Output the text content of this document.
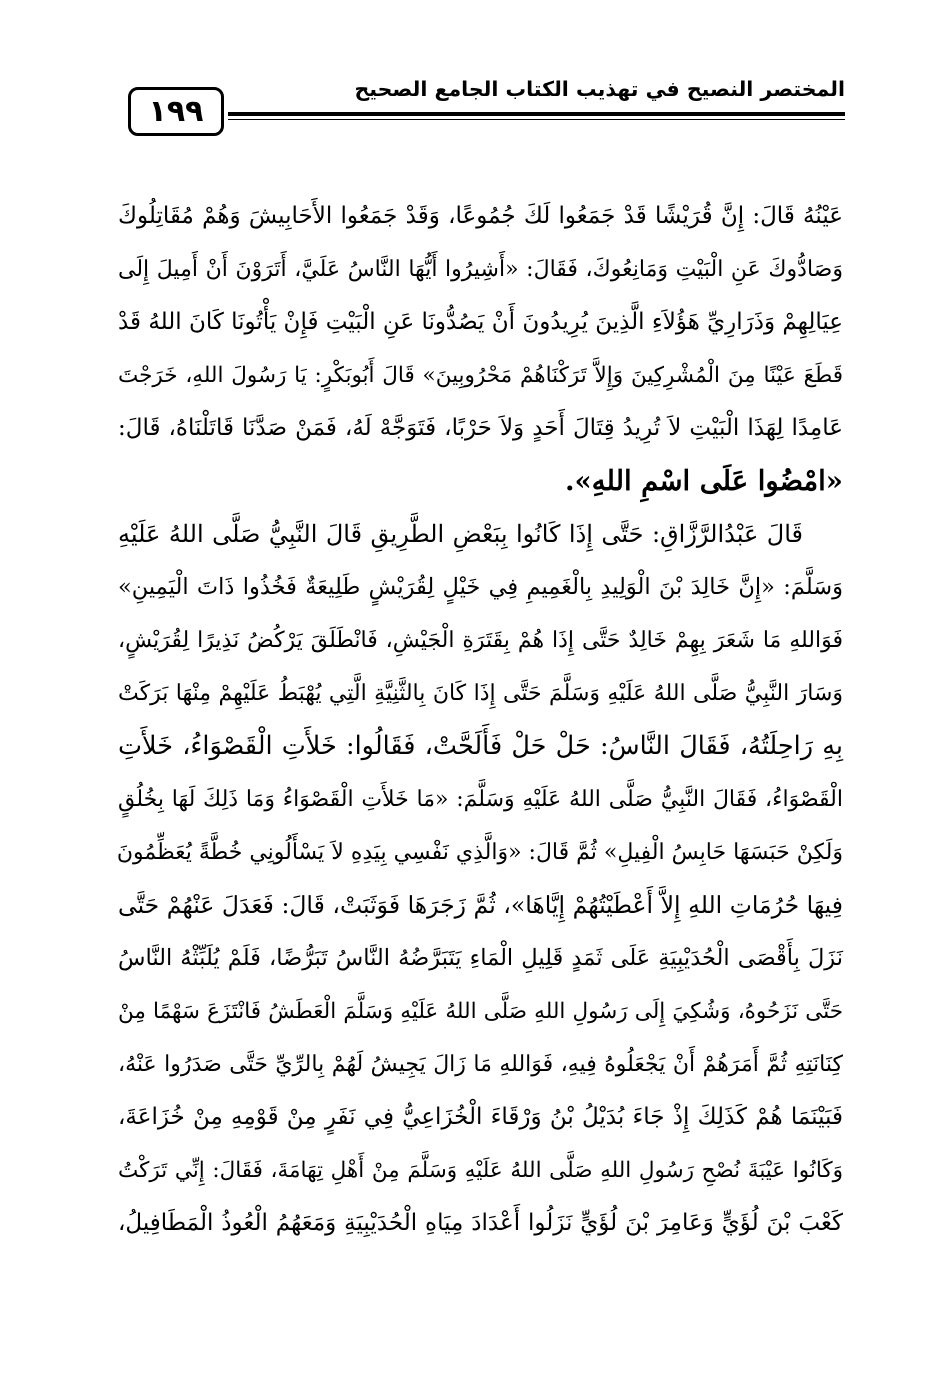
المختصر النصيح في تهذيب الكتاب الجامع الصحيح
١٩٩
عَيْنُهُ قَالَ: إِنَّ قُرَيْشًا قَدْ جَمَعُوا لَكَ جُمُوعًا، وَقَدْ جَمَعُوا الأَحَابِيشَ وَهُمْ مُقَاتِلُوكَ
وَصَادُّوكَ عَنِ الْبَيْتِ وَمَانِعُوكَ، فَقَالَ: «أَشِيرُوا أَيُّهَا النَّاسُ عَلَيَّ، أَتَرَوْنَ أَنْ أَمِيلَ إِلَى
عِيَالِهِمْ وَذَرَارِيِّ هَؤُلاَءِ الَّذِينَ يُرِيدُونَ أَنْ يَصُدُّونَا عَنِ الْبَيْتِ فَإِنْ يَأْتُونَا كَانَ اللهُ قَدْ
قَطَعَ عَيْنًا مِنَ الْمُشْرِكِينَ وَإِلاَّ تَرَكْنَاهُمْ مَحْرُوبِينَ» قَالَ أَبُوبَكْرٍ: يَا رَسُولَ اللهِ، خَرَجْتَ
عَامِدًا لِهَذَا الْبَيْتِ لاَ تُرِيدُ قِتَالَ أَحَدٍ وَلاَ حَرْبًا، فَتَوَجَّهْ لَهُ، فَمَنْ صَدَّنَا قَاتَلْنَاهُ، قَالَ:
«امْضُوا عَلَى اسْمِ اللهِ».
قَالَ عَبْدُالرَّزَّاقِ: حَتَّى إِذَا كَانُوا بِبَعْضِ الطَّرِيقِ قَالَ النَّبِيُّ صَلَّى اللهُ عَلَيْهِ
وَسَلَّمَ: «إِنَّ خَالِدَ بْنَ الْوَلِيدِ بِالْغَمِيمِ فِي خَيْلٍ لِقُرَيْشٍ طَلِيعَةٌ فَخُذُوا ذَاتَ الْيَمِينِ»
فَوَاللهِ مَا شَعَرَ بِهِمْ خَالِدٌ حَتَّى إِذَا هُمْ بِقَتَرَةِ الْجَيْشِ، فَانْطَلَقَ يَرْكُضُ نَذِيرًا لِقُرَيْشٍ،
وَسَارَ النَّبِيُّ صَلَّى اللهُ عَلَيْهِ وَسَلَّمَ حَتَّى إِذَا كَانَ بِالثَّنِيَّةِ الَّتِي يُهْبَطُ عَلَيْهِمْ مِنْهَا بَرَكَتْ
بِهِ رَاحِلَتُهُ، فَقَالَ النَّاسُ: حَلْ حَلْ فَأَلَحَّتْ، فَقَالُوا: خَلأَتِ الْقَصْوَاءُ، خَلأَتِ
الْقَصْوَاءُ، فَقَالَ النَّبِيُّ صَلَّى اللهُ عَلَيْهِ وَسَلَّمَ: «مَا خَلأَتِ الْقَصْوَاءُ وَمَا ذَلِكَ لَهَا بِخُلُقٍ
وَلَكِنْ حَبَسَهَا حَابِسُ الْفِيلِ» ثُمَّ قَالَ: «وَالَّذِي نَفْسِي بِيَدِهِ لاَ يَسْأَلُونِي خُطَّةً يُعَظِّمُونَ
فِيهَا حُرُمَاتِ اللهِ إِلاَّ أَعْطَيْتُهُمْ إِيَّاهَا»، ثُمَّ زَجَرَهَا فَوَثَبَتْ، قَالَ: فَعَدَلَ عَنْهُمْ حَتَّى
نَزَلَ بِأَقْصَى الْحُدَيْبِيَةِ عَلَى ثَمَدٍ قَلِيلِ الْمَاءِ يَتَبَرَّضُهُ النَّاسُ تَبَرُّضًا، فَلَمْ يُلَبِّثْهُ النَّاسُ
حَتَّى نَزَحُوهُ، وَشُكِيَ إِلَى رَسُولِ اللهِ صَلَّى اللهُ عَلَيْهِ وَسَلَّمَ الْعَطَشُ فَانْتَزَعَ سَهْمًا مِنْ
كِنَانَتِهِ ثُمَّ أَمَرَهُمْ أَنْ يَجْعَلُوهُ فِيهِ، فَوَاللهِ مَا زَالَ يَجِيشُ لَهُمْ بِالرِّيِّ حَتَّى صَدَرُوا عَنْهُ،
فَبَيْنَمَا هُمْ كَذَلِكَ إِذْ جَاءَ بُدَيْلُ بْنُ وَرْقَاءَ الْخُزَاعِيُّ فِي نَفَرٍ مِنْ قَوْمِهِ مِنْ خُزَاعَةَ،
وَكَانُوا عَيْبَةَ نُصْحِ رَسُولِ اللهِ صَلَّى اللهُ عَلَيْهِ وَسَلَّمَ مِنْ أَهْلِ تِهَامَةَ، فَقَالَ: إِنِّي تَرَكْتُ
كَعْبَ بْنَ لُؤَيٍّ وَعَامِرَ بْنَ لُؤَيٍّ نَزَلُوا أَعْدَادَ مِيَاهِ الْحُدَيْبِيَةِ وَمَعَهُمُ الْعُوذُ الْمَطَافِيلُ،
